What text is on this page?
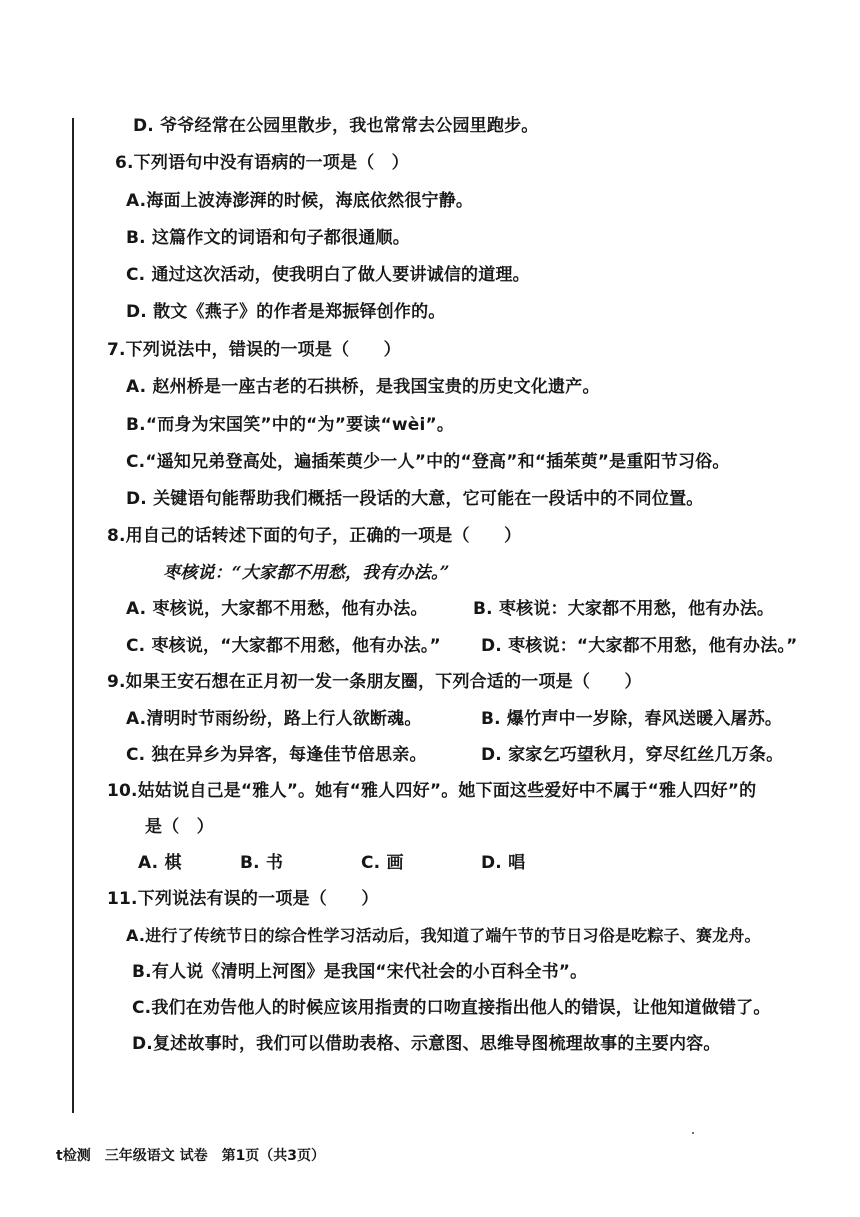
D. 爷爷经常在公园里散步，我也常常去公园里跑步。
6.下列语句中没有语病的一项是（　）
A.海面上波涛澎湃的时候，海底依然很宁静。
B. 这篇作文的词语和句子都很通顺。
C. 通过这次活动，使我明白了做人要讲诚信的道理。
D. 散文《燕子》的作者是郑振铎创作的。
7.下列说法中，错误的一项是（　　）
A. 赵州桥是一座古老的石拱桥，是我国宝贵的历史文化遗产。
B.“而身为宋国笑”中的“为”要读“wèi”。
C.“遥知兄弟登高处，遍插茱萸少一人”中的“登高”和“插茱萸”是重阳节习俗。
D. 关键语句能帮助我们概括一段话的大意，它可能在一段话中的不同位置。
8.用自己的话转述下面的句子，正确的一项是（　　）
枣核说：“大家都不用愁，我有办法。”
A. 枣核说，大家都不用愁，他有办法。	B. 枣核说：大家都不用愁，他有办法。
C. 枣核说，“大家都不用愁，他有办法。” D. 枣核说：“大家都不用愁，他有办法。”
9.如果王安石想在正月初一发一条朋友圈，下列合适的一项是（　　）
A.清明时节雨纷纷，路上行人欲断魂。	B. 爆竹声中一岁除，春风送暖入屠苏。
C. 独在异乡为异客，每逢佳节倍思亲。	D. 家家乞巧望秋月，穿尽红丝几万条。
10.姑姑说自己是“雅人”。她有“雅人四好”。她下面这些爱好中不属于“雅人四好”的
是（　）
A. 棋	B. 书	C. 画	D. 唱
11.下列说法有误的一项是（　　）
A.进行了传统节日的综合性学习活动后，我知道了端午节的节日习俗是吃粽子、赛龙舟。
B.有人说《清明上河图》是我国“宋代社会的小百科全书”。
C.我们在劝告他人的时候应该用指责的口吻直接指出他人的错误，让他知道做错了。
D.复述故事时，我们可以借助表格、示意图、思维导图梳理故事的主要内容。
t检测　三年级语文 试卷　第1页（共3页）
